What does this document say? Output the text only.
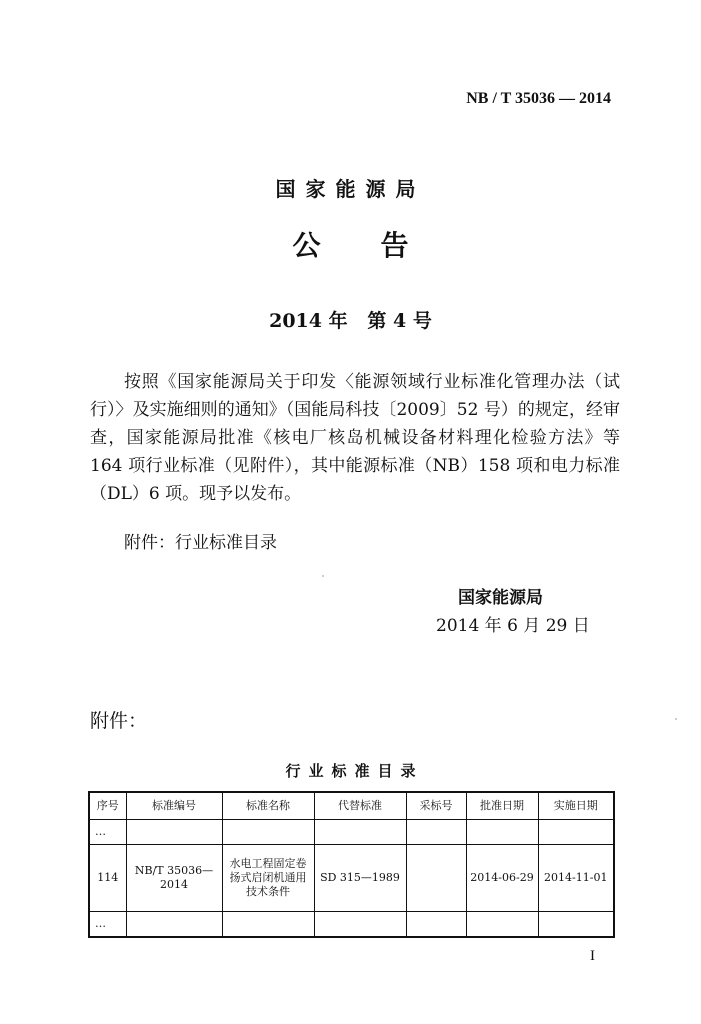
NB / T 35036 — 2014
国家能源局
公告
2014 年   第 4 号
按照《国家能源局关于印发〈能源领域行业标准化管理办法（试行）〉及实施细则的通知》（国能局科技〔2009〕52 号）的规定，经审查，国家能源局批准《核电厂核岛机械设备材料理化检验方法》等 164 项行业标准（见附件），其中能源标准（NB）158 项和电力标准（DL）6 项。现予以发布。
附件：行业标准目录
国家能源局
2014 年 6 月 29 日
附件：
行业标准目录
序号	标准编号	标准名称	代替标准	采标号	批准日期	实施日期
…						
114	NB/T 35036— 2014	水电工程固定卷扬式启闭机通用技术条件	SD 315—1989		2014-06-29	2014-11-01
…						
I
